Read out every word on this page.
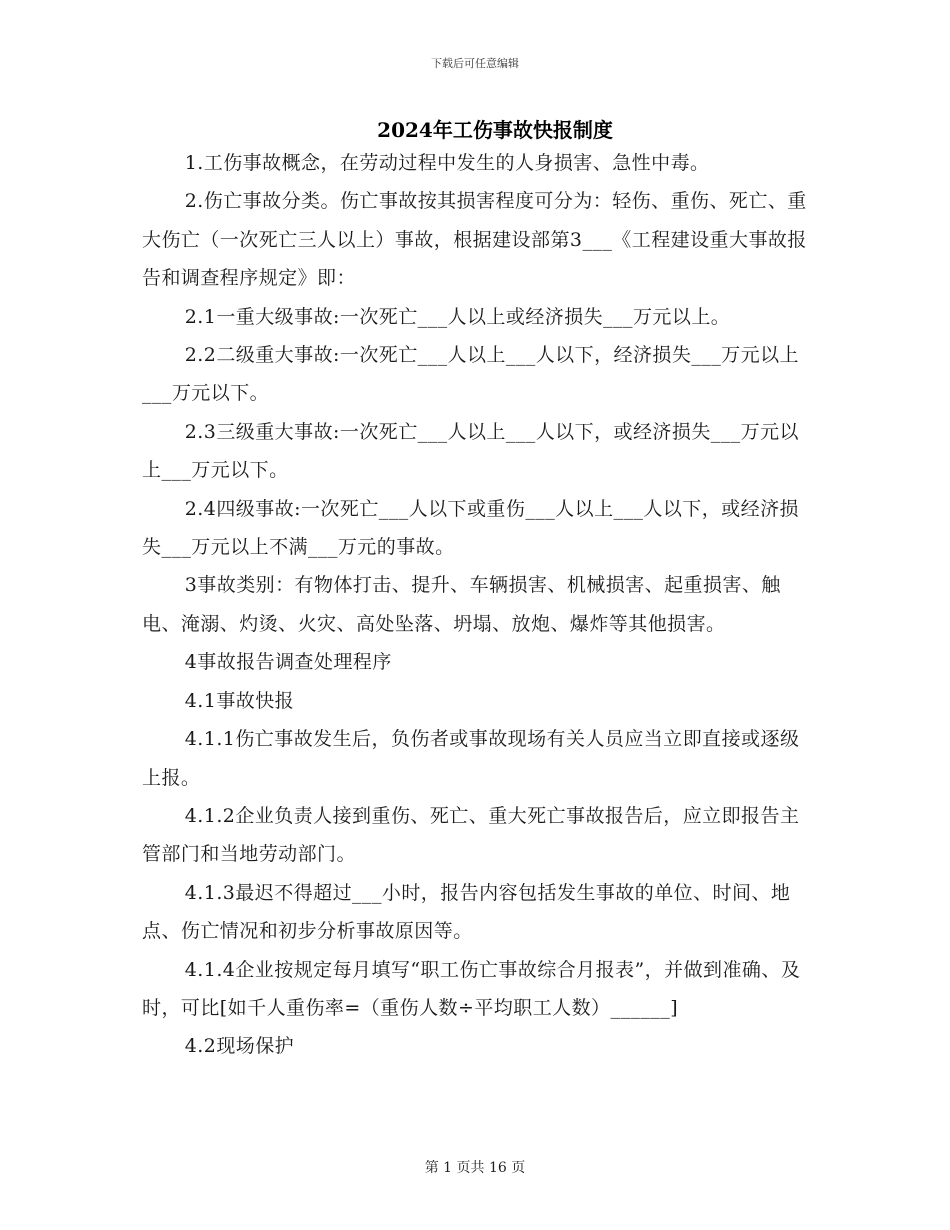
下载后可任意编辑
2024年工伤事故快报制度

1.工伤事故概念，在劳动过程中发生的人身损害、急性中毒。

2.伤亡事故分类。伤亡事故按其损害程度可分为：轻伤、重伤、死亡、重大伤亡（一次死亡三人以上）事故，根据建设部第3___《工程建设重大事故报告和调查程序规定》即：

2.1一重大级事故:一次死亡___人以上或经济损失___万元以上。

2.2二级重大事故:一次死亡___人以上___人以下，经济损失___万元以上___万元以下。

2.3三级重大事故:一次死亡___人以上___人以下，或经济损失___万元以上___万元以下。

2.4四级事故:一次死亡___人以下或重伤___人以上___人以下，或经济损失___万元以上不满___万元的事故。

3事故类别：有物体打击、提升、车辆损害、机械损害、起重损害、触电、淹溺、灼烫、火灾、高处坠落、坍塌、放炮、爆炸等其他损害。

4事故报告调查处理程序

4.1事故快报

4.1.1伤亡事故发生后，负伤者或事故现场有关人员应当立即直接或逐级上报。

4.1.2企业负责人接到重伤、死亡、重大死亡事故报告后，应立即报告主管部门和当地劳动部门。

4.1.3最迟不得超过___小时，报告内容包括发生事故的单位、时间、地点、伤亡情况和初步分析事故原因等。

4.1.4企业按规定每月填写“职工伤亡事故综合月报表”，并做到准确、及时，可比[如千人重伤率=（重伤人数÷平均职工人数）______]

4.2现场保护

第 1 页共 16 页
